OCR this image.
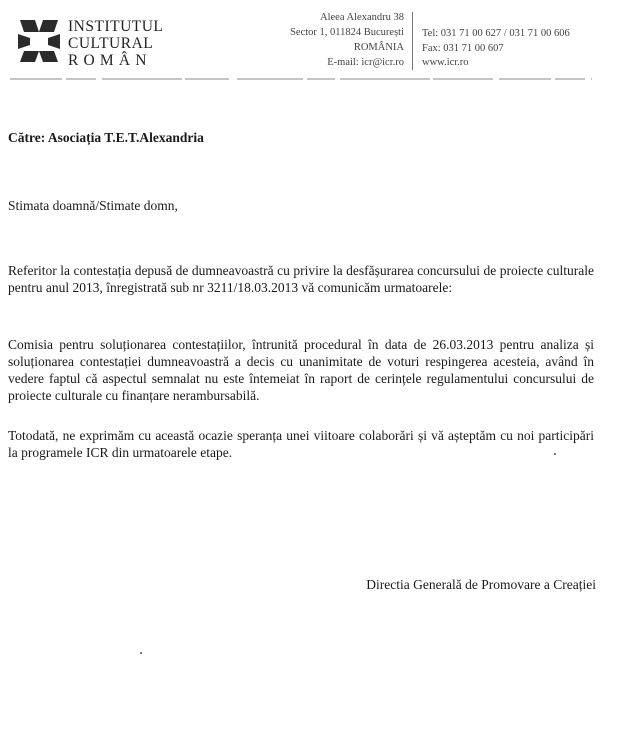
INSTITUTUL
CULTURAL
ROMÂN
Aleea Alexandru 38
Sector 1, 011824 București
ROMÂNIA
E-mail: icr@icr.ro
Tel: 031 71 00 627 / 031 71 00 606
Fax: 031 71 00 607
www.icr.ro
Către: Asociația T.E.T.Alexandria
Stimata doamnă/Stimate domn,

Referitor la contestația depusă de dumneavoastră cu privire la desfășurarea concursului de proiecte culturale pentru anul 2013, înregistrată sub nr 3211/18.03.2013 vă comunicăm urmatoarele:

Comisia pentru soluționarea contestațiilor, întrunită procedural în data de 26.03.2013 pentru analiza și soluționarea contestației dumneavoastră a decis cu unanimitate de voturi respingerea acesteia, având în vedere faptul că aspectul semnalat nu este întemeiat în raport de cerințele regulamentului concursului de proiecte culturale cu finanțare nerambursabilă.

Totodată, ne exprimăm cu această ocazie speranța unei viitoare colaborări și vă așteptăm cu noi participări la programele ICR din urmatoarele etape.

Directia Generală de Promovare a Creației
